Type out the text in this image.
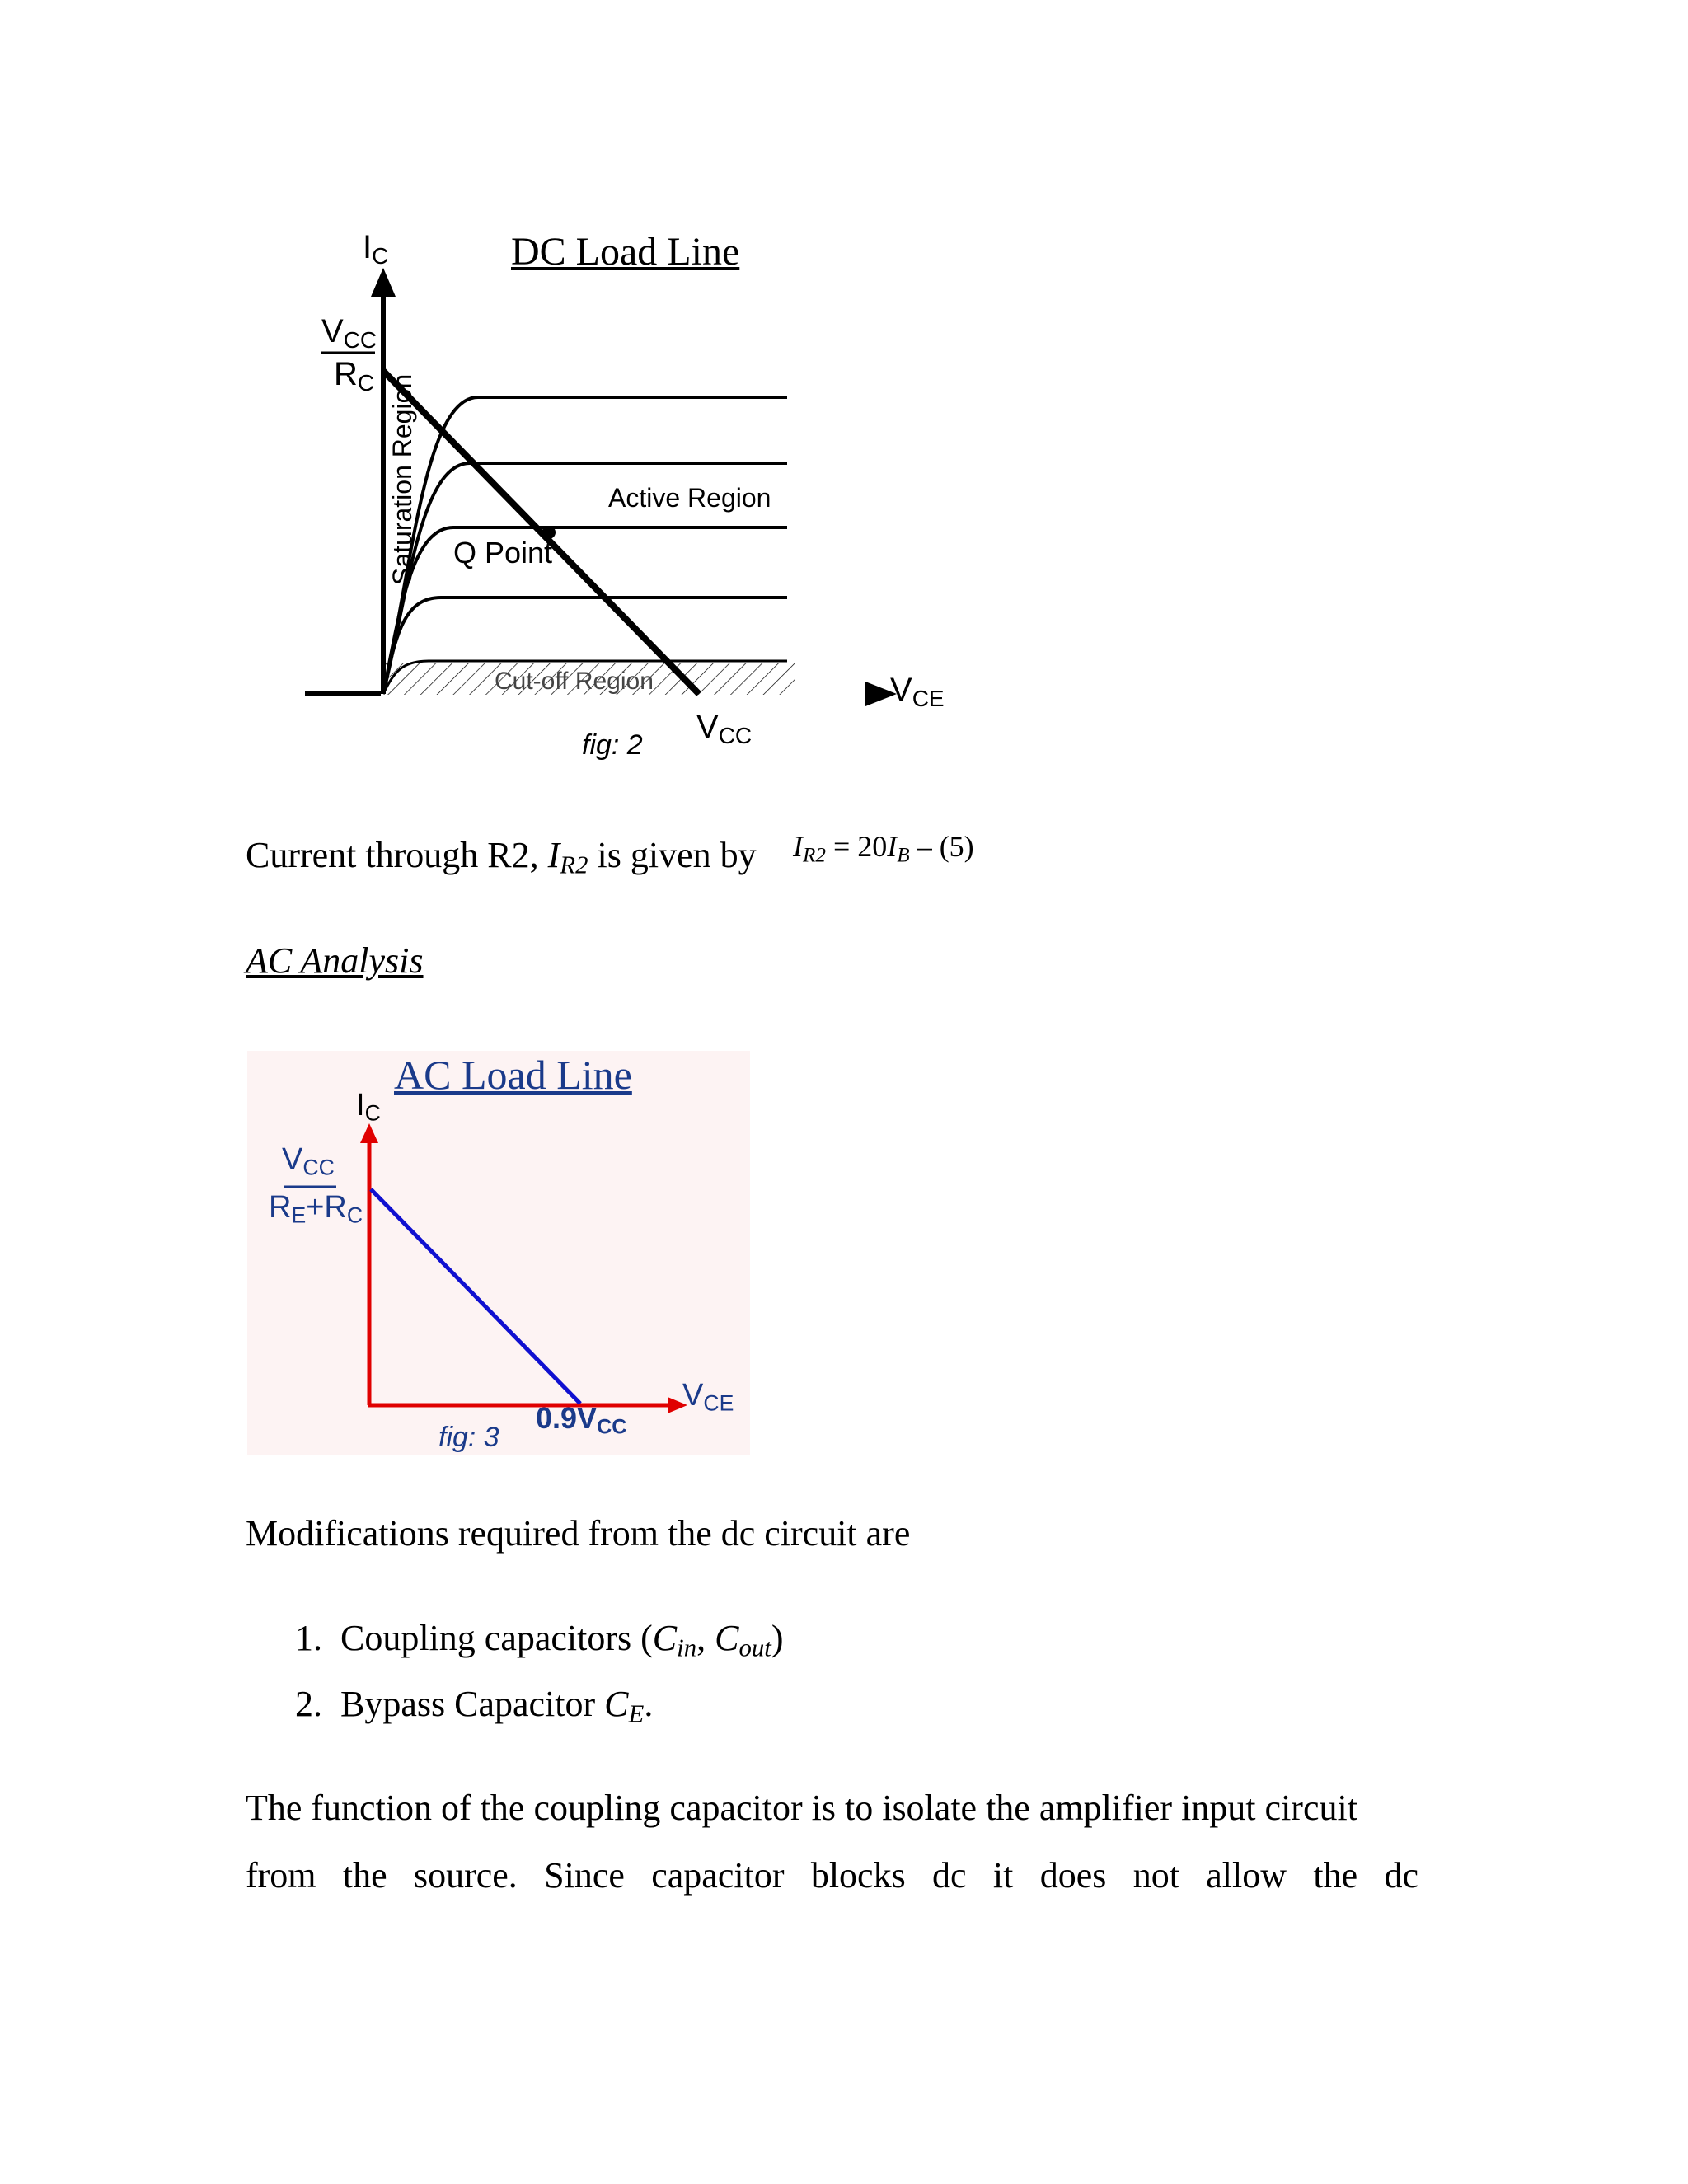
DC Load Line
$I_C$
$V_{CC}$
$R_C$ Saturation Region	Active Region
Q Point
Cut-off Region	$V_{CE}$
$V_{CC}$
fig: 2
Current through R2, $I_{R2}$ is given by $I_{R2} = 20I_B - (5)$
AC Analysis
AC Load Line
$I_C$
$V_{CC}$
$R_E+R_C$
$V_{CE}$
$0.9V_{CC}$
fig: 3
Modifications required from the dc circuit are
1. Coupling capacitors ($C_{in}$, $C_{out}$)
2. Bypass Capacitor $C_E$.
The function of the coupling capacitor is to isolate the amplifier input circuit
from the source. Since capacitor blocks dc it does not allow the dc
